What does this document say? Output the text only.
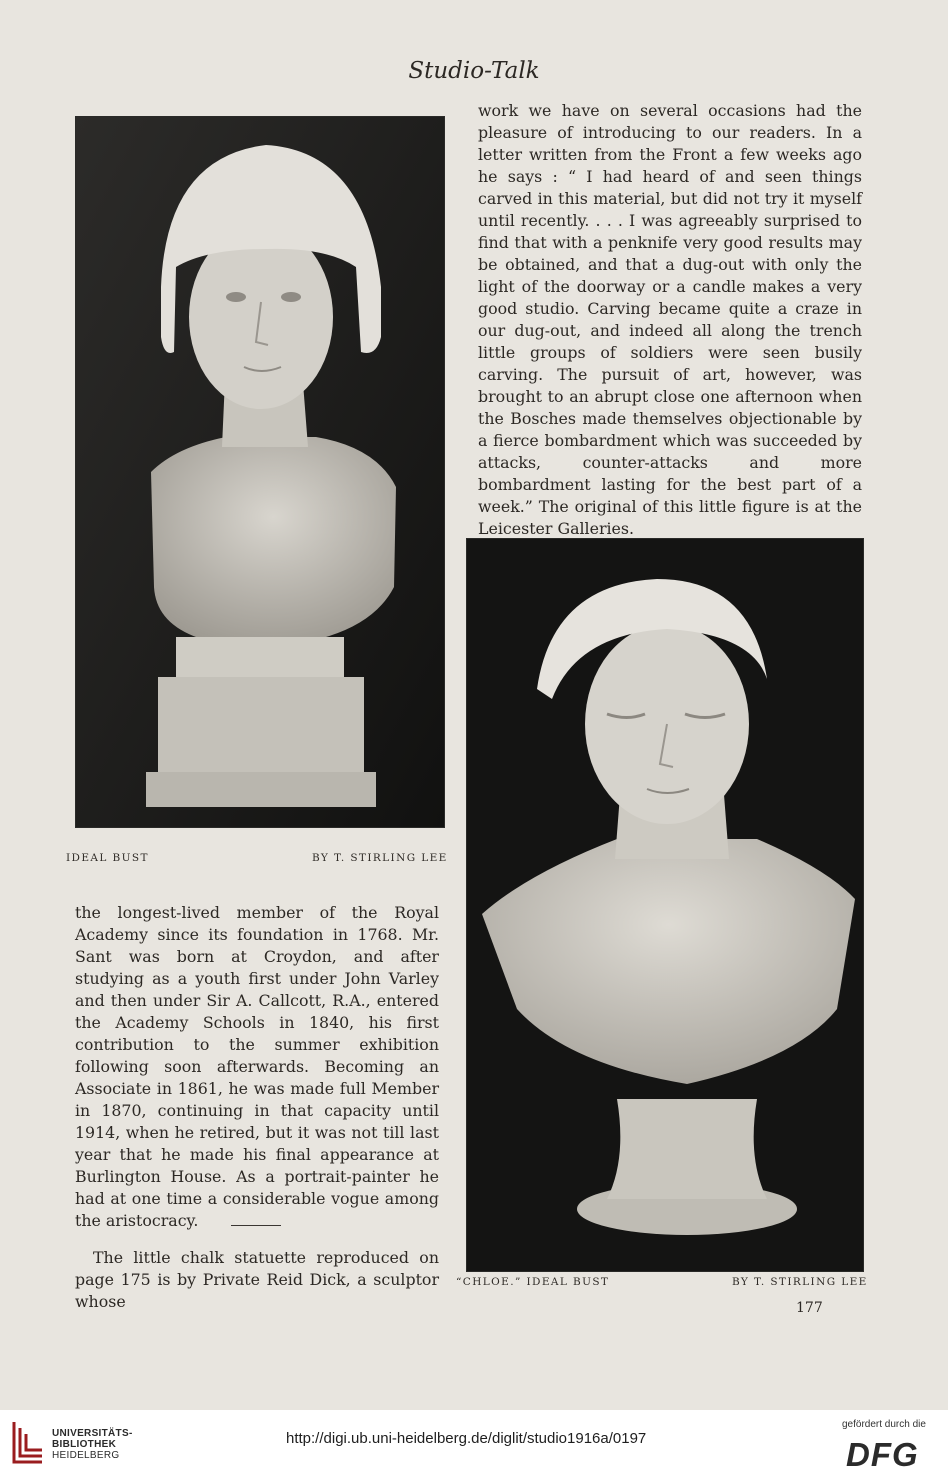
Studio-Talk
IDEAL BUST	BY T. STIRLING LEE

work we have on several occasions had the pleasure of introducing to our readers. In a letter written from the Front a few weeks ago he says : “ I had heard of and seen things carved in this material, but did not try it myself until recently. . . . I was agreeably surprised to find that with a penknife very good results may be obtained, and that a dug-out with only the light of the doorway or a candle makes a very good studio. Carving became quite a craze in our dug-out, and indeed all along the trench little groups of soldiers were seen busily carving. The pursuit of art, however, was brought to an abrupt close one afternoon when the Bosches made themselves objectionable by a fierce bombardment which was succeeded by attacks, counter-attacks and more bombardment lasting for the best part of a week.” The original of this little figure is at the Leicester Galleries.

“CHLOE.” IDEAL BUST	BY T. STIRLING LEE

the longest-lived member of the Royal Academy since its foundation in 1768. Mr. Sant was born at Croydon, and after studying as a youth first under John Varley and then under Sir A. Callcott, R.A., entered the Academy Schools in 1840, his first contribution to the summer exhibition following soon afterwards. Becoming an Associate in 1861, he was made full Member in 1870, continuing in that capacity until 1914, when he retired, but it was not till last year that he made his final appearance at Burlington House. As a portrait-painter he had at one time a considerable vogue among the aristocracy.

The little chalk statuette reproduced on page 175 is by Private Reid Dick, a sculptor whose	177
UNIVERSITÄTS-
BIBLIOTHEK
HEIDELBERG
http://digi.ub.uni-heidelberg.de/diglit/studio1916a/0197
gefördert durch die
DFG
